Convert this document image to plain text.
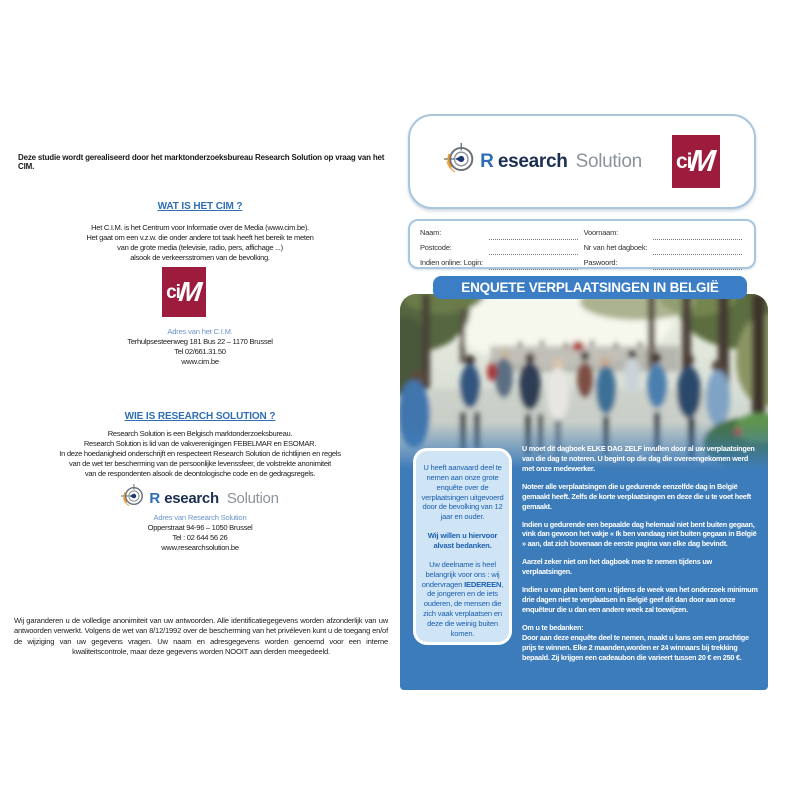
Deze studie wordt gerealiseerd door het marktonderzoeksbureau Research Solution op vraag van het CIM.

WAT IS HET CIM ?
Het C.I.M. is het Centrum voor Informatie over de Media (www.cim.be).
Het gaat om een v.z.w. die onder andere tot taak heeft het bereik te meten
van de grote media (televisie, radio, pers, affichage ...)
alsook de verkeersstromen van de bevolking.
ci
M
Adres van het C.I.M.
Terhulpsesteenweg 181 Bus 22 – 1170 Brussel
Tel 02/661.31.50
www.cim.be
WIE IS RESEARCH SOLUTION ?
Research Solution is een Belgisch marktonderzoeksbureau.
Research Solution is lid van de vakverenigingen FEBELMAR en ESOMAR.
In deze hoedanigheid onderschrijft en respecteert Research Solution de richtlijnen en regels
van de wet ter bescherming van de persoonlijke levenssfeer, de volstrekte anonimiteit
van de respondenten alsook de deontologische code en de gedragsregels.
R esearch Solution
Adres van Research Solution
Opperstraat 94-96 – 1050 Brussel
Tel : 02 644 56 26
www.researchsolution.be

Wij garanderen u de volledige anonimiteit van uw antwoorden. Alle identificatiegegevens worden afzonderlijk van uw antwoorden verwerkt. Volgens de wet van 8/12/1992 over de bescherming van het privéleven kunt u de toegang en/of de wijziging van uw gegevens vragen. Uw naam en adresgegevens worden genoemd voor een interne kwaliteitscontrole, maar deze gegevens worden NOOIT aan derden meegedeeld.

R esearch Solution ci
M
Naam:	Voornaam:
Postcode:	Nr van het dagboek:
Indien online: Login:	Paswoord:
ENQUETE VERPLAATSINGEN IN BELGIË

U heeft aanvaard deel te nemen aan onze grote enquête over de verplaatsingen uitgevoerd door de bevolking van 12 jaar en ouder.

Wij willen u hiervoor alvast bedanken.

Uw deelname is heel belangrijk voor ons : wij ondervragen IEDEREEN, de jongeren en de iets ouderen, de mensen die zich vaak verplaatsen en deze die weinig buiten komen.

U moet dit dagboek ELKE DAG ZELF invullen door al uw verplaatsingen van die dag te noteren. U begint op die dag die overeengekomen werd met onze medewerker.

Noteer alle verplaatsingen die u gedurende eenzelfde dag in België gemaakt heeft. Zelfs de korte verplaatsingen en deze die u te voet heeft gemaakt.

Indien u gedurende een bepaalde dag helemaal niet bent buiten gegaan, vink dan gewoon het vakje « Ik ben vandaag niet buiten gegaan in België » aan, dat zich bovenaan de eerste pagina van elke dag bevindt.

Aarzel zeker niet om het dagboek mee te nemen tijdens uw verplaatsingen.

Indien u van plan bent om u tijdens de week van het onderzoek minimum drie dagen niet te verplaatsen in België geef dit dan door aan onze enquêteur die u dan een andere week zal toewijzen.

Om u te bedanken:
Door aan deze enquête deel te nemen, maakt u kans om een prachtige prijs te winnen. Elke 2 maanden,worden er 24 winnaars bij trekking bepaald. Zij krijgen een cadeaubon die varieert tussen 20 € en 250 €.
